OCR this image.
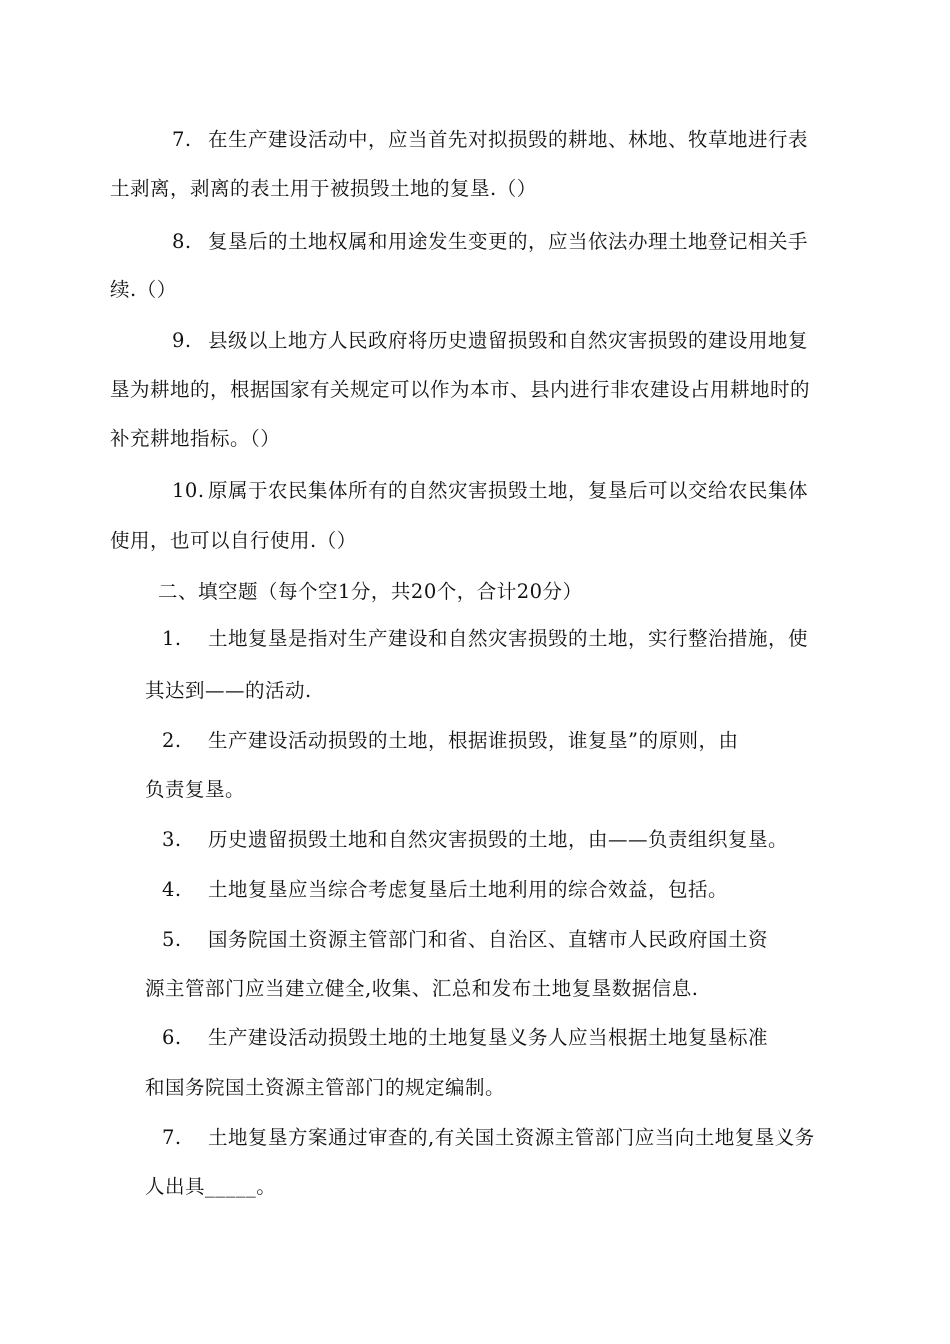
7. 在生产建设活动中，应当首先对拟损毁的耕地、林地、牧草地进行表
土剥离，剥离的表土用于被损毁土地的复垦.（）
8. 复垦后的土地权属和用途发生变更的，应当依法办理土地登记相关手
续.（）
9. 县级以上地方人民政府将历史遗留损毁和自然灾害损毁的建设用地复
垦为耕地的，根据国家有关规定可以作为本市、县内进行非农建设占用耕地时的
补充耕地指标。（）
10. 原属于农民集体所有的自然灾害损毁土地，复垦后可以交给农民集体
使用，也可以自行使用.（）
二、填空题（每个空1分，共20个，合计20分）
1. 土地复垦是指对生产建设和自然灾害损毁的土地，实行整治措施，使
其达到——的活动.
2. 生产建设活动损毁的土地，根据谁损毁，谁复垦”的原则，由
负责复垦。
3. 历史遗留损毁土地和自然灾害损毁的土地，由——负责组织复垦。
4. 土地复垦应当综合考虑复垦后土地利用的综合效益，包括。
5. 国务院国土资源主管部门和省、自治区、直辖市人民政府国土资
源主管部门应当建立健全,收集、汇总和发布土地复垦数据信息.
6. 生产建设活动损毁土地的土地复垦义务人应当根据土地复垦标准
和国务院国土资源主管部门的规定编制。
7. 土地复垦方案通过审查的,有关国土资源主管部门应当向土地复垦义务
人出具_____。
